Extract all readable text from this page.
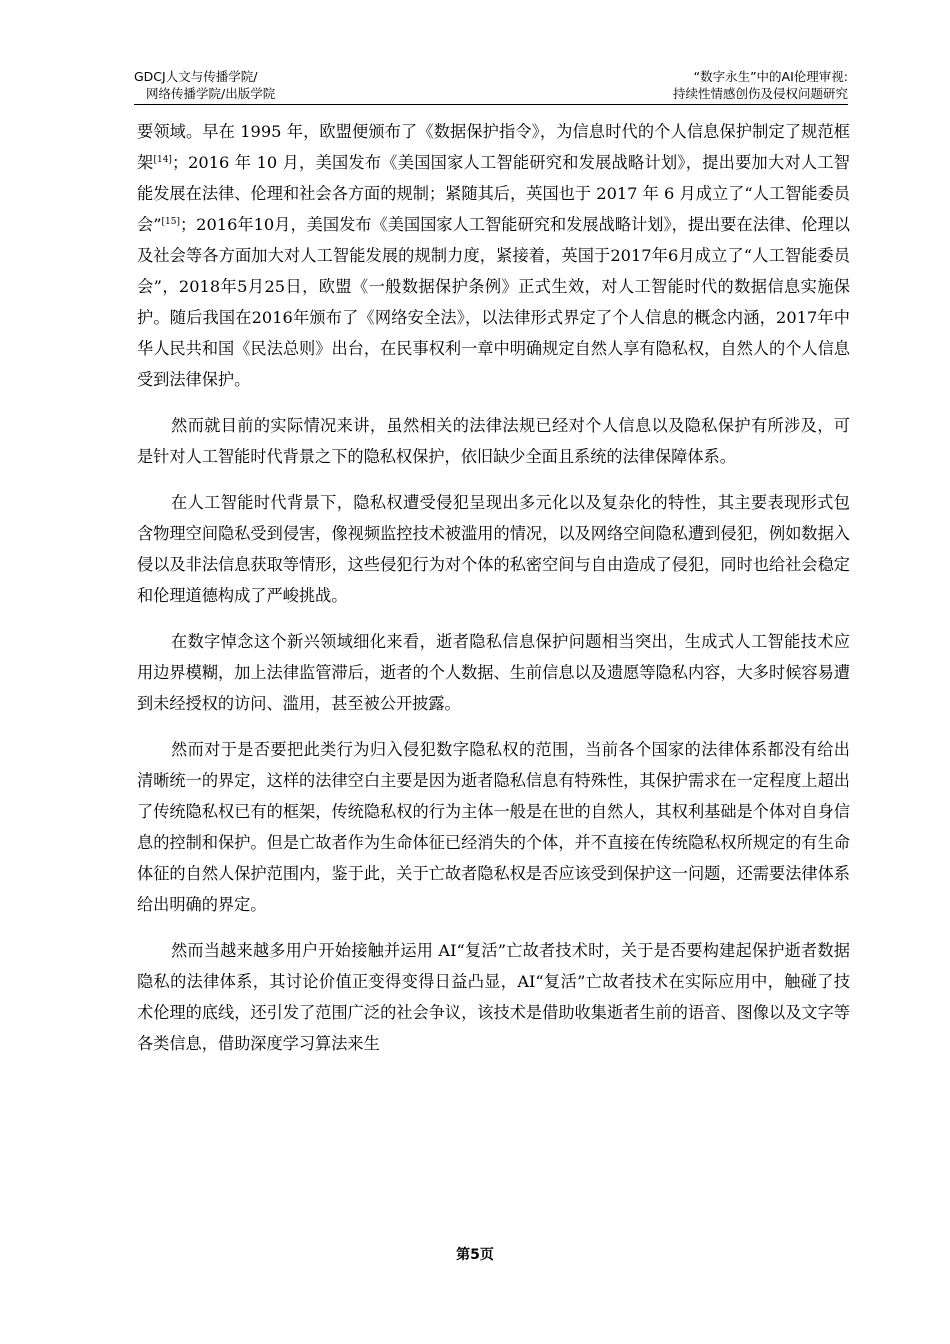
GDCJ人文与传播学院/
网络传播学院/出版学院
“数字永生”中的AI伦理审视:
持续性情感创伤及侵权问题研究

要领域。早在 1995 年，欧盟便颁布了《数据保护指令》，为信息时代的个人信息保护制定了规范框架[14]；2016 年 10 月，美国发布《美国国家人工智能研究和发展战略计划》，提出要加大对人工智能发展在法律、伦理和社会各方面的规制；紧随其后，英国也于 2017 年 6 月成立了“人工智能委员会”[15]；2016年10月，美国发布《美国国家人工智能研究和发展战略计划》，提出要在法律、伦理以及社会等各方面加大对人工智能发展的规制力度，紧接着，英国于2017年6月成立了“人工智能委员会”，2018年5月25日，欧盟《一般数据保护条例》正式生效，对人工智能时代的数据信息实施保护。随后我国在2016年颁布了《网络安全法》，以法律形式界定了个人信息的概念内涵，2017年中华人民共和国《民法总则》出台，在民事权利一章中明确规定自然人享有隐私权，自然人的个人信息受到法律保护。

然而就目前的实际情况来讲，虽然相关的法律法规已经对个人信息以及隐私保护有所涉及，可是针对人工智能时代背景之下的隐私权保护，依旧缺少全面且系统的法律保障体系。

在人工智能时代背景下，隐私权遭受侵犯呈现出多元化以及复杂化的特性，其主要表现形式包含物理空间隐私受到侵害，像视频监控技术被滥用的情况，以及网络空间隐私遭到侵犯，例如数据入侵以及非法信息获取等情形，这些侵犯行为对个体的私密空间与自由造成了侵犯，同时也给社会稳定和伦理道德构成了严峻挑战。

在数字悼念这个新兴领域细化来看，逝者隐私信息保护问题相当突出，生成式人工智能技术应用边界模糊，加上法律监管滞后，逝者的个人数据、生前信息以及遗愿等隐私内容，大多时候容易遭到未经授权的访问、滥用，甚至被公开披露。

然而对于是否要把此类行为归入侵犯数字隐私权的范围，当前各个国家的法律体系都没有给出清晰统一的界定，这样的法律空白主要是因为逝者隐私信息有特殊性，其保护需求在一定程度上超出了传统隐私权已有的框架，传统隐私权的行为主体一般是在世的自然人，其权利基础是个体对自身信息的控制和保护。但是亡故者作为生命体征已经消失的个体，并不直接在传统隐私权所规定的有生命体征的自然人保护范围内，鉴于此，关于亡故者隐私权是否应该受到保护这一问题，还需要法律体系给出明确的界定。

然而当越来越多用户开始接触并运用 AI“复活”亡故者技术时，关于是否要构建起保护逝者数据隐私的法律体系，其讨论价值正变得变得日益凸显，AI“复活”亡故者技术在实际应用中，触碰了技术伦理的底线，还引发了范围广泛的社会争议，该技术是借助收集逝者生前的语音、图像以及文字等各类信息，借助深度学习算法来生

第5页
